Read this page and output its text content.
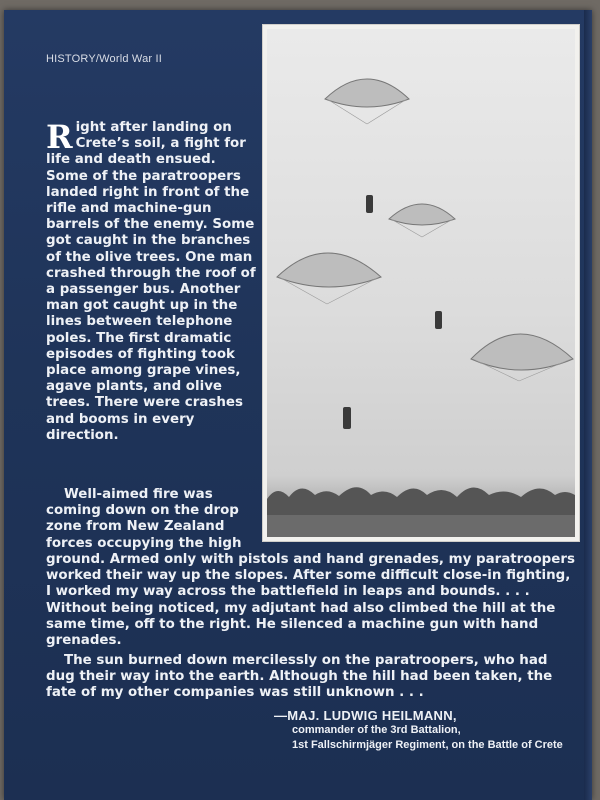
HISTORY/World War II

R ight after landing on Crete’s soil, a fight for life and death ensued. Some of the paratroopers landed right in front of the rifle and machine-gun barrels of the enemy. Some got caught in the branches of the olive trees. One man crashed through the roof of a passenger bus. Another man got caught up in the lines between telephone poles. The first dramatic episodes of fighting took place among grape vines, agave plants, and olive trees. There were crashes and booms in every direction.

Well-aimed fire was coming down on the drop zone from New Zealand forces occupying the high

ground. Armed only with pistols and hand grenades, my paratroopers worked their way up the slopes. After some difficult close-in fighting, I worked my way across the battlefield in leaps and bounds. . . . Without being noticed, my adjutant had also climbed the hill at the same time, off to the right. He silenced a machine gun with hand grenades.

The sun burned down mercilessly on the paratroopers, who had dug their way into the earth. Although the hill had been taken, the fate of my other companies was still unknown . . .

—MAJ. LUDWIG HEILMANN,
commander of the 3rd Battalion,
1st Fallschirmjäger Regiment, on the Battle of Crete
